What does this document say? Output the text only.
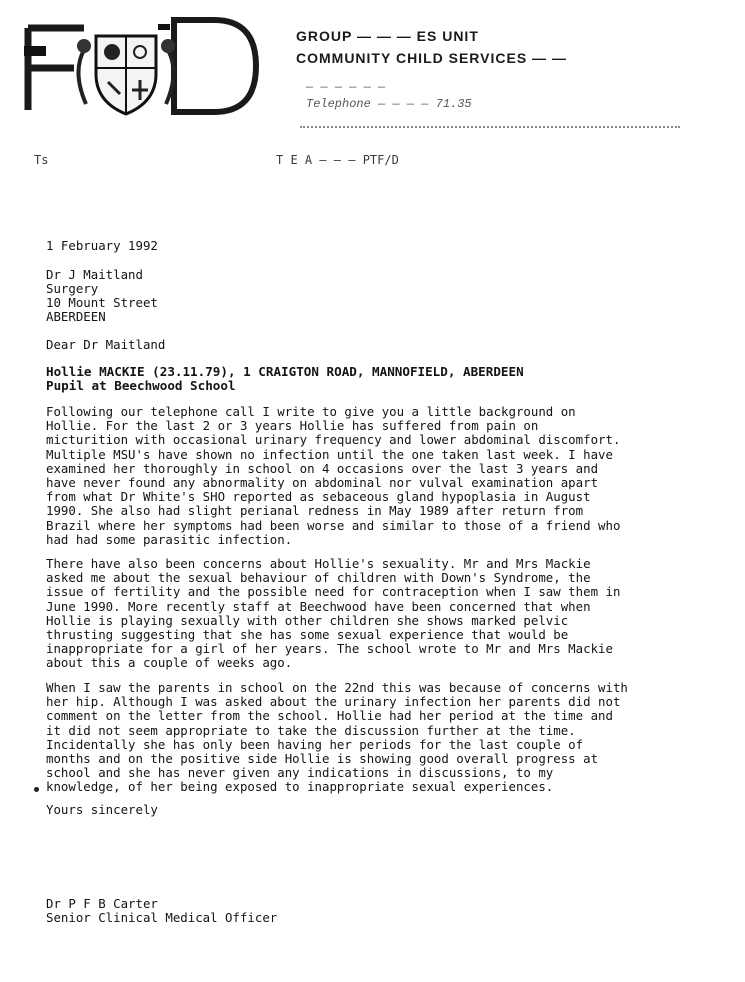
GROUP — — — ES UNIT
COMMUNITY CHILD SERVICES — —
— — — — — —
Telephone — — — — 71.35
Ts	T E A — — — PTF/D
1 February 1992
Dr J Maitland
Surgery
10 Mount Street
ABERDEEN
Dear Dr Maitland
Hollie MACKIE (23.11.79), 1 CRAIGTON ROAD, MANNOFIELD, ABERDEEN
Pupil at Beechwood School
Following our telephone call I write to give you a little background on
Hollie. For the last 2 or 3 years Hollie has suffered from pain on
micturition with occasional urinary frequency and lower abdominal discomfort.
Multiple MSU's have shown no infection until the one taken last week. I have
examined her thoroughly in school on 4 occasions over the last 3 years and
have never found any abnormality on abdominal nor vulval examination apart
from what Dr White's SHO reported as sebaceous gland hypoplasia in August
1990. She also had slight perianal redness in May 1989 after return from
Brazil where her symptoms had been worse and similar to those of a friend who
had had some parasitic infection.
There have also been concerns about Hollie's sexuality. Mr and Mrs Mackie
asked me about the sexual behaviour of children with Down's Syndrome, the
issue of fertility and the possible need for contraception when I saw them in
June 1990. More recently staff at Beechwood have been concerned that when
Hollie is playing sexually with other children she shows marked pelvic
thrusting suggesting that she has some sexual experience that would be
inappropriate for a girl of her years. The school wrote to Mr and Mrs Mackie
about this a couple of weeks ago.
When I saw the parents in school on the 22nd this was because of concerns with
her hip. Although I was asked about the urinary infection her parents did not
comment on the letter from the school. Hollie had her period at the time and
it did not seem appropriate to take the discussion further at the time.
Incidentally she has only been having her periods for the last couple of
months and on the positive side Hollie is showing good overall progress at
school and she has never given any indications in discussions, to my
knowledge, of her being exposed to inappropriate sexual experiences.
Yours sincerely
Dr P F B Carter
Senior Clinical Medical Officer
